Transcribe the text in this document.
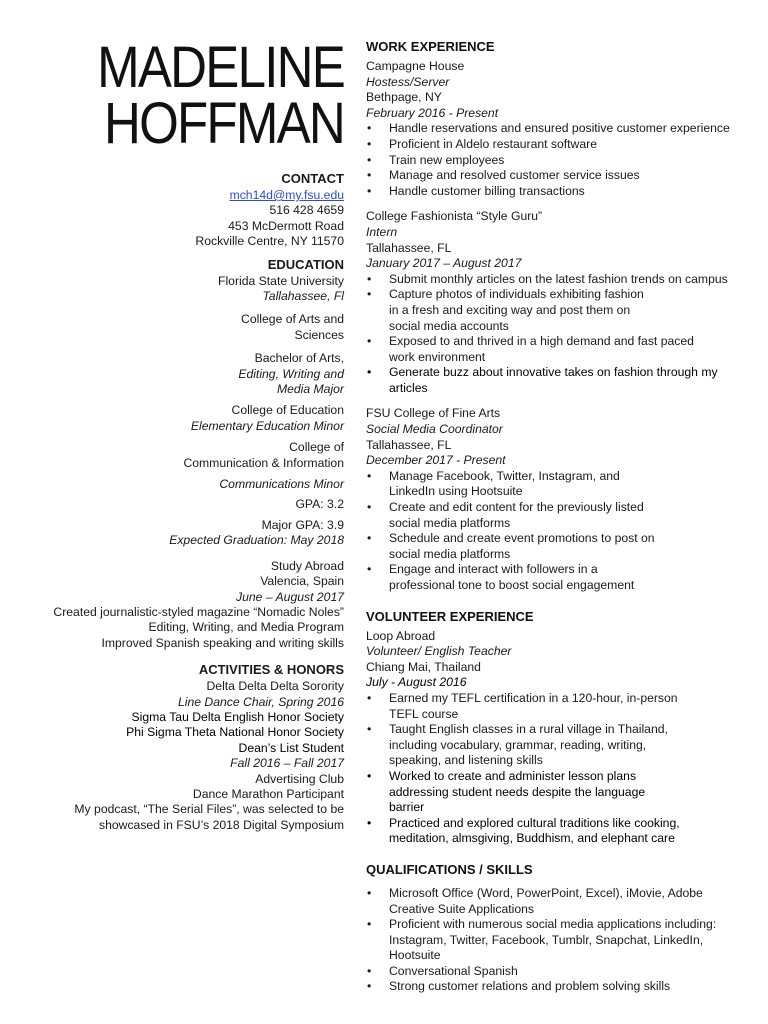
MADELINE
HOFFMAN

CONTACT

mch14d@my.fsu.edu

516 428 4659

453 McDermott Road

Rockville Centre, NY 11570

EDUCATION

Florida State University

Tallahassee, Fl

College of Arts and

Sciences

Bachelor of Arts,

Editing, Writing and

Media Major

College of Education

Elementary Education Minor

College of

Communication & Information

Communications Minor

GPA: 3.2

Major GPA: 3.9

Expected Graduation: May 2018

Study Abroad

Valencia, Spain

June – August 2017

Created journalistic-styled magazine “Nomadic Noles”

Editing, Writing, and Media Program

Improved Spanish speaking and writing skills

ACTIVITIES & HONORS

Delta Delta Delta Sorority

Line Dance Chair, Spring 2016

Sigma Tau Delta English Honor Society

Phi Sigma Theta National Honor Society

Dean’s List Student

Fall 2016 – Fall 2017

Advertising Club

Dance Marathon Participant

My podcast, “The Serial Files”, was selected to be

showcased in FSU’s 2018 Digital Symposium

WORK EXPERIENCE

Campagne House

Hostess/Server

Bethpage, NY

February 2016 - Present

• Handle reservations and ensured positive customer experience
• Proficient in Aldelo restaurant software
• Train new employees
• Manage and resolved customer service issues
• Handle customer billing transactions

College Fashionista “Style Guru”

Intern

Tallahassee, FL

January 2017 – August 2017

• Submit monthly articles on the latest fashion trends on campus
• Capture photos of individuals exhibiting fashion in a fresh and exciting way and post them on social media accounts
• Exposed to and thrived in a high demand and fast paced work environment
• Generate buzz about innovative takes on fashion through my articles

FSU College of Fine Arts

Social Media Coordinator

Tallahassee, FL

December 2017 - Present

• Manage Facebook, Twitter, Instagram, and LinkedIn using Hootsuite
• Create and edit content for the previously listed social media platforms
• Schedule and create event promotions to post on social media platforms
• Engage and interact with followers in a professional tone to boost social engagement

VOLUNTEER EXPERIENCE

Loop Abroad

Volunteer/ English Teacher

Chiang Mai, Thailand

July - August 2016

• Earned my TEFL certification in a 120-hour, in-person TEFL course
• Taught English classes in a rural village in Thailand, including vocabulary, grammar, reading, writing, speaking, and listening skills
• Worked to create and administer lesson plans addressing student needs despite the language barrier
• Practiced and explored cultural traditions like cooking, meditation, almsgiving, Buddhism, and elephant care

QUALIFICATIONS / SKILLS

• Microsoft Office (Word, PowerPoint, Excel), iMovie, Adobe Creative Suite Applications
• Proficient with numerous social media applications including: Instagram, Twitter, Facebook, Tumblr, Snapchat, LinkedIn, Hootsuite
• Conversational Spanish
• Strong customer relations and problem solving skills
